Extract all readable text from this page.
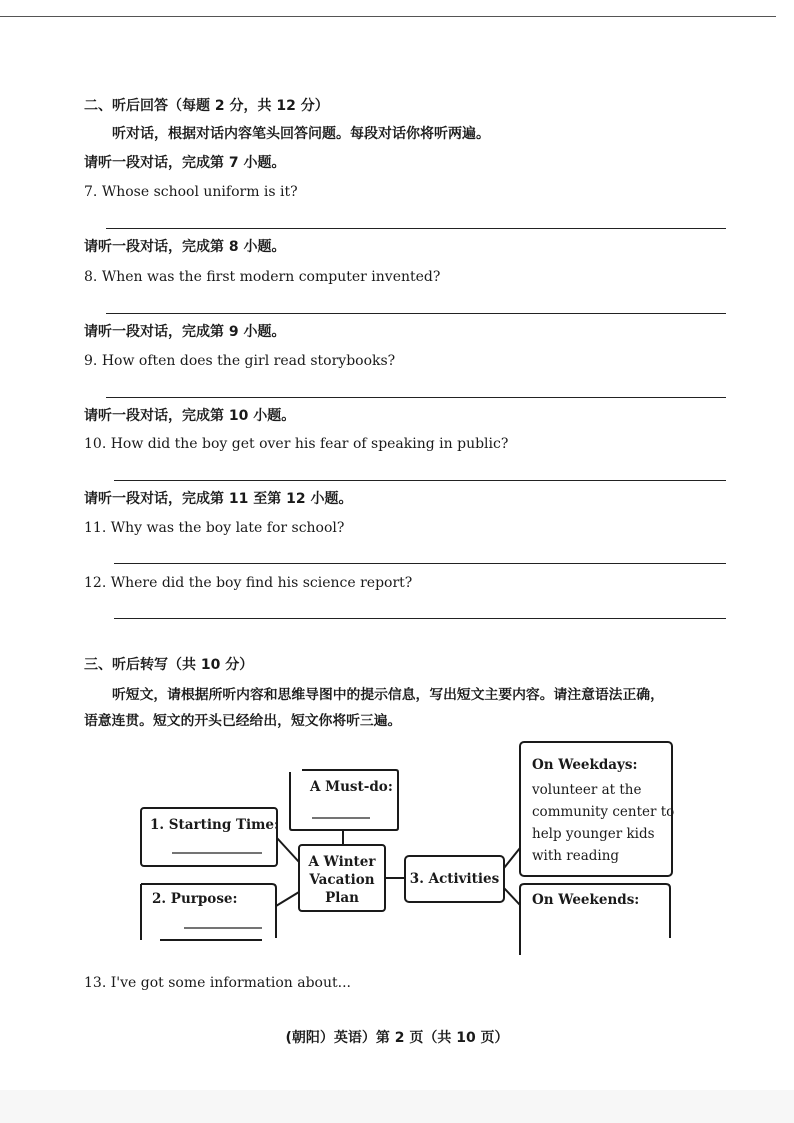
二、听后回答（每题 2 分，共 12 分）
听对话，根据对话内容笔头回答问题。每段对话你将听两遍。
请听一段对话，完成第 7 小题。
7. Whose school uniform is it?
请听一段对话，完成第 8 小题。
8. When was the first modern computer invented?
请听一段对话，完成第 9 小题。
9. How often does the girl read storybooks?
请听一段对话，完成第 10 小题。
10. How did the boy get over his fear of speaking in public?
请听一段对话，完成第 11 至第 12 小题。
11. Why was the boy late for school?
12. Where did the boy find his science report?
三、听后转写（共 10 分）
听短文，请根据所听内容和思维导图中的提示信息，写出短文主要内容。请注意语法正确，
语意连贯。短文的开头已经给出，短文你将听三遍。
A Must-do:
1. Starting Time:
2. Purpose:
A Winter
Vacation
Plan
3. Activities
On Weekdays:
volunteer at the
community center to
help younger kids
with reading
On Weekends:
13. I've got some information about...
(朝阳）英语）第 2 页（共 10 页）
